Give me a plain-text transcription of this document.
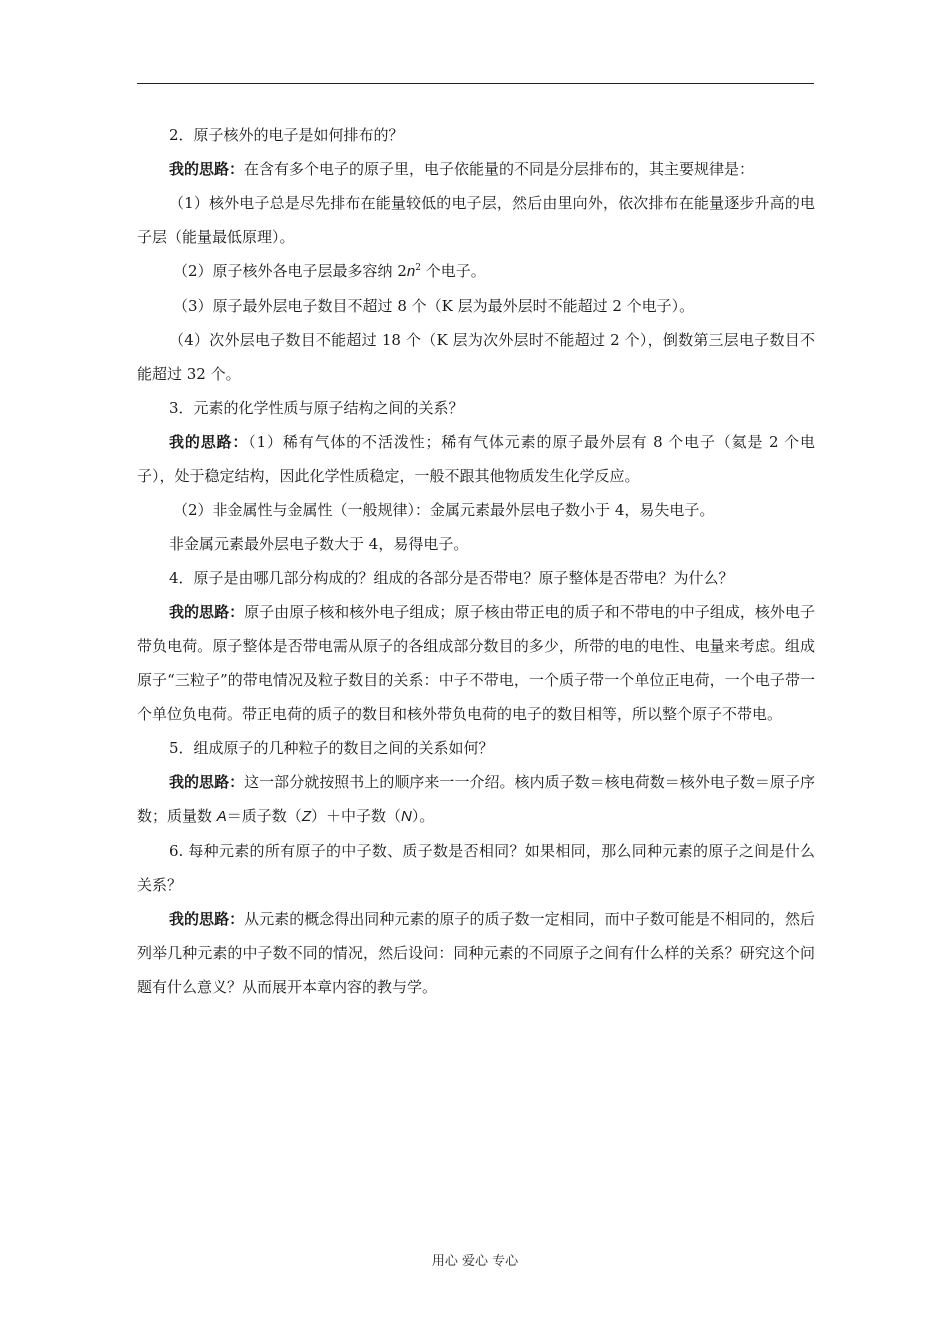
2．原子核外的电子是如何排布的？

我的思路：在含有多个电子的原子里，电子依能量的不同是分层排布的，其主要规律是：

（1）核外电子总是尽先排布在能量较低的电子层，然后由里向外，依次排布在能量逐步升高的电子层（能量最低原理）。

（2）原子核外各电子层最多容纳 $2n^2$ 个电子。

（3）原子最外层电子数目不超过 8 个（K 层为最外层时不能超过 2 个电子）。

（4）次外层电子数目不能超过 18 个（K 层为次外层时不能超过 2 个），倒数第三层电子数目不能超过 32 个。

3．元素的化学性质与原子结构之间的关系？

我的思路：（1）稀有气体的不活泼性；稀有气体元素的原子最外层有 8 个电子（氦是 2 个电子），处于稳定结构，因此化学性质稳定，一般不跟其他物质发生化学反应。

（2）非金属性与金属性（一般规律）：金属元素最外层电子数小于 4，易失电子。

非金属元素最外层电子数大于 4，易得电子。

4．原子是由哪几部分构成的？组成的各部分是否带电？原子整体是否带电？为什么？

我的思路：原子由原子核和核外电子组成；原子核由带正电的质子和不带电的中子组成，核外电子带负电荷。原子整体是否带电需从原子的各组成部分数目的多少，所带的电的电性、电量来考虑。组成原子“三粒子”的带电情况及粒子数目的关系：中子不带电，一个质子带一个单位正电荷，一个电子带一个单位负电荷。带正电荷的质子的数目和核外带负电荷的电子的数目相等，所以整个原子不带电。

5．组成原子的几种粒子的数目之间的关系如何？

我的思路：这一部分就按照书上的顺序来一一介绍。核内质子数＝核电荷数＝核外电子数＝原子序数；质量数 A＝质子数（Z）＋中子数（N）。

6. 每种元素的所有原子的中子数、质子数是否相同？如果相同，那么同种元素的原子之间是什么关系？

我的思路：从元素的概念得出同种元素的原子的质子数一定相同，而中子数可能是不相同的，然后列举几种元素的中子数不同的情况，然后设问：同种元素的不同原子之间有什么样的关系？研究这个问题有什么意义？从而展开本章内容的教与学。

用心 爱心 专心
